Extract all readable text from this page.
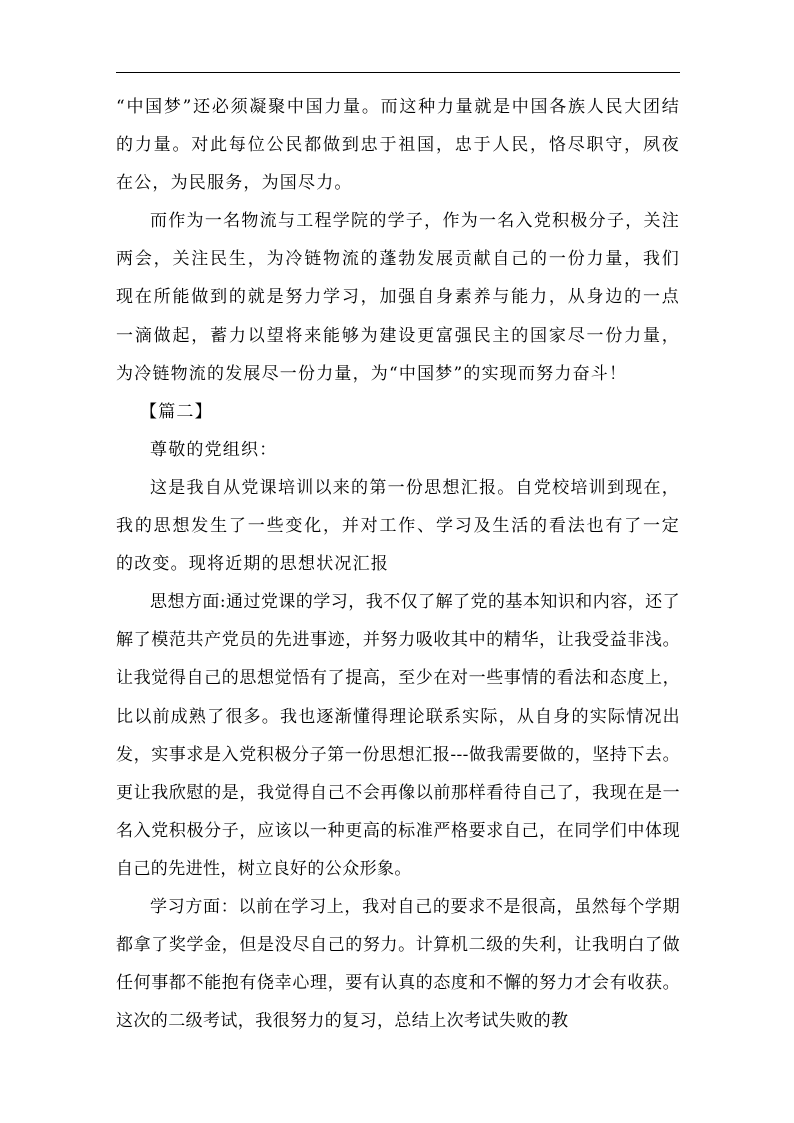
“中国梦”还必须凝聚中国力量。而这种力量就是中国各族人民大团结的力量。对此每位公民都做到忠于祖国，忠于人民，恪尽职守，夙夜在公，为民服务，为国尽力。

而作为一名物流与工程学院的学子，作为一名入党积极分子，关注两会，关注民生，为冷链物流的蓬勃发展贡献自己的一份力量，我们现在所能做到的就是努力学习，加强自身素养与能力，从身边的一点一滴做起，蓄力以望将来能够为建设更富强民主的国家尽一份力量，为冷链物流的发展尽一份力量，为“中国梦”的实现而努力奋斗！

【篇二】

尊敬的党组织：

这是我自从党课培训以来的第一份思想汇报。自党校培训到现在，我的思想发生了一些变化，并对工作、学习及生活的看法也有了一定的改变。现将近期的思想状况汇报

思想方面:通过党课的学习，我不仅了解了党的基本知识和内容，还了解了模范共产党员的先进事迹，并努力吸收其中的精华，让我受益非浅。让我觉得自己的思想觉悟有了提高，至少在对一些事情的看法和态度上，比以前成熟了很多。我也逐渐懂得理论联系实际，从自身的实际情况出发，实事求是入党积极分子第一份思想汇报---做我需要做的，坚持下去。更让我欣慰的是，我觉得自己不会再像以前那样看待自己了，我现在是一名入党积极分子，应该以一种更高的标准严格要求自己，在同学们中体现自己的先进性，树立良好的公众形象。

学习方面：以前在学习上，我对自己的要求不是很高，虽然每个学期都拿了奖学金，但是没尽自己的努力。计算机二级的失利，让我明白了做任何事都不能抱有侥幸心理，要有认真的态度和不懈的努力才会有收获。这次的二级考试，我很努力的复习，总结上次考试失败的教
